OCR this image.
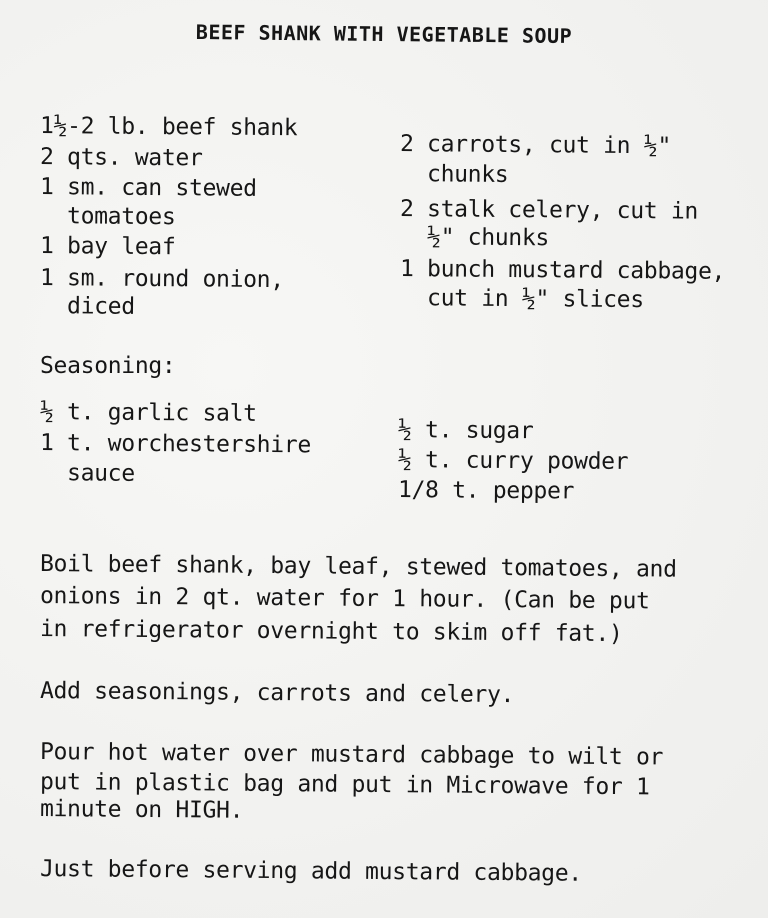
BEEF SHANK WITH VEGETABLE SOUP
1½-2 lb. beef shank
2 qts. water
1 sm. can stewed
tomatoes
1 bay leaf
1 sm. round onion,
diced
2 carrots, cut in ½"
chunks
2 stalk celery, cut in
½" chunks
1 bunch mustard cabbage,
cut in ½" slices
Seasoning:
½ t. garlic salt
1 t. worchestershire
sauce
½ t. sugar
½ t. curry powder
1/8 t. pepper
Boil beef shank, bay leaf, stewed tomatoes, and
onions in 2 qt. water for 1 hour. (Can be put
in refrigerator overnight to skim off fat.)
Add seasonings, carrots and celery.
Pour hot water over mustard cabbage to wilt or
put in plastic bag and put in Microwave for 1
minute on HIGH.
Just before serving add mustard cabbage.
